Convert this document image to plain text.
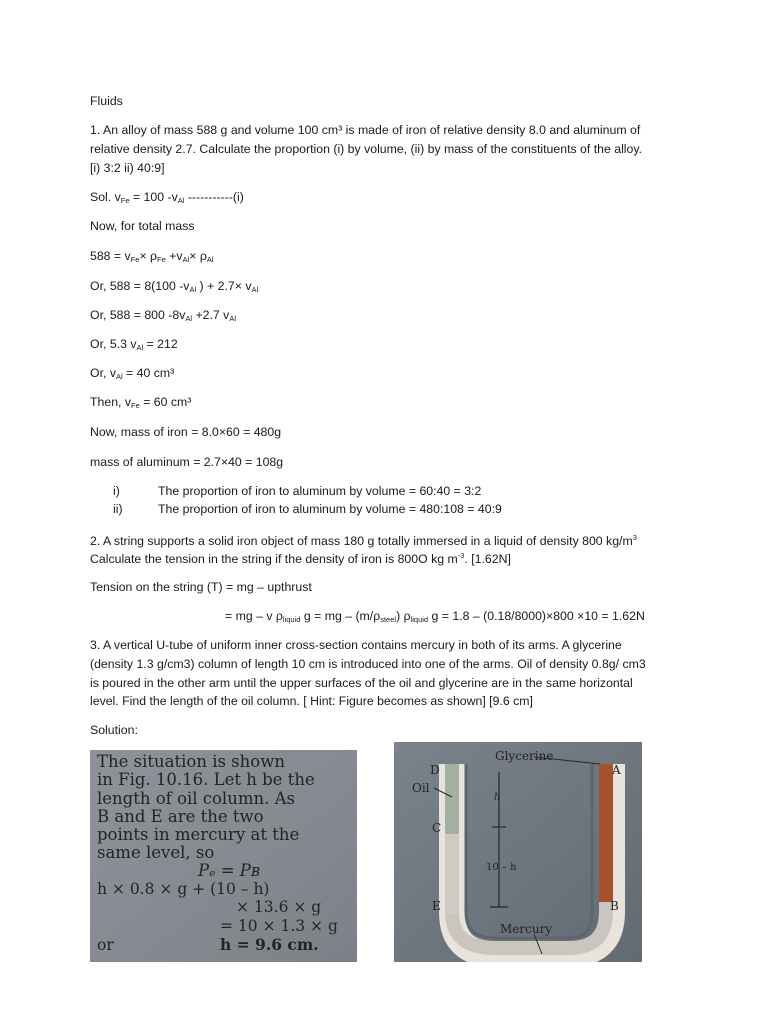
Fluids
1. An alloy of mass 588 g and volume 100 cm³ is made of iron of relative density 8.0 and aluminum of
relative density 2.7. Calculate the proportion (i) by volume, (ii) by mass of the constituents of the alloy.
[i) 3:2 ii) 40:9]
Sol. $v_{Fe} = 100$ $-v_{Al}$ -----------(i)
Now, for total mass
$588 = v_{Fe}\times \rho_{Fe} +v_{Al}\times \rho_{Al}$
Or, 588 = 8(100 $-v_{Al}$ ) + $2.7\times v_{Al}$
Or, 588 = 800 $-8v_{Al} +2.7$ $v_{Al}$
Or, 5.3 $v_{Al} = 212$
Or, $v_{Al} = 40$ cm³
Then, $v_{Fe} = 60$ cm³
Now, mass of iron = 8.0×60 = 480g
mass of aluminum = 2.7×40 = 108g
i)	The proportion of iron to aluminum by volume = 60:40 = 3:2
ii)	The proportion of iron to aluminum by volume = 480:108 = 40:9
2. A string supports a solid iron object of mass 180 g totally immersed in a liquid of density 800 $kg/m^3$
Calculate the tension in the string if the density of iron is 800O kg $m^{-3}$. [1.62N]
Tension on the string (T) = mg – upthrust
= mg – v $\rho_{liquid}$ g = mg – $(m/\rho_{steel})$ $\rho_{liquid}$ g = 1.8 – (0.18/8000)×800 ×10 = 1.62N
3. A vertical U-tube of uniform inner cross-section contains mercury in both of its arms. A glycerine
(density 1.3 g/cm3) column of length 10 cm is introduced into one of the arms. Oil of density 0.8g/ cm3
is poured in the other arm until the upper surfaces of the oil and glycerine are in the same horizontal
level. Find the length of the oil column. [ Hint: Figure becomes as shown] [9.6 cm]
Solution:
The situation is shown
in Fig. 10.16. Let h be the
length of oil column. As
B and E are the two
points in mercury at the
same level, so
Pₑ = Pʙ
h × 0.8 × g + (10 – h)
× 13.6 × g
= 10 × 1.3 × g
or	h = 9.6 cm.
Glycerine
Oil
Mercury
D	A
C
E	B
h
10 – h
